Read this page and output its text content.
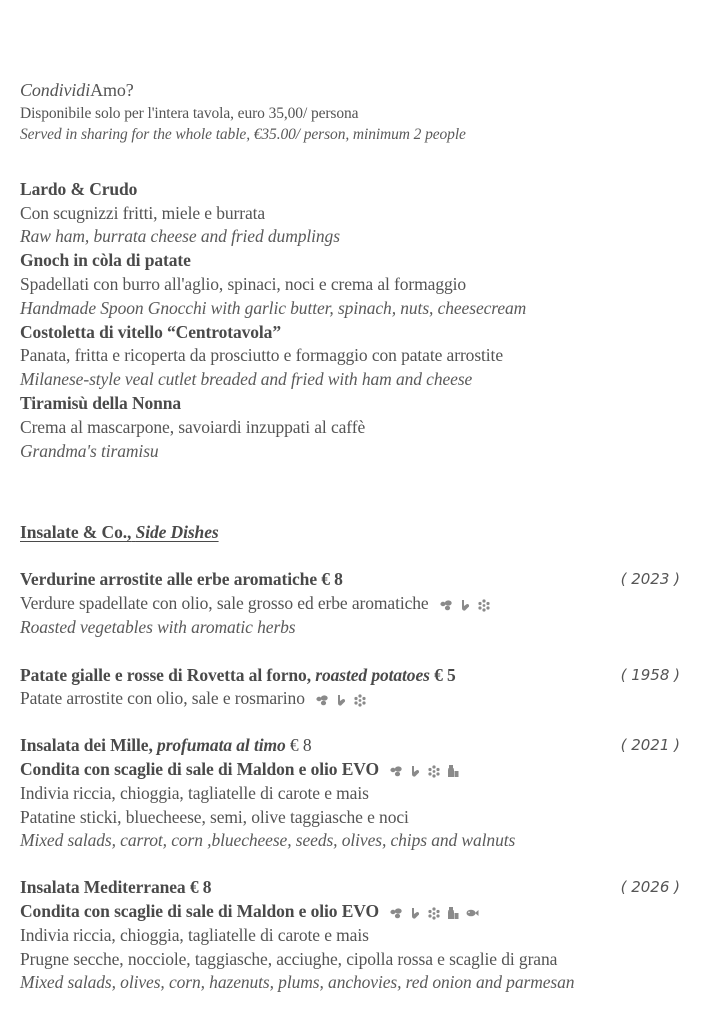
CondividiAmo?
Disponibile solo per l'intera tavola, euro 35,00/ persona
Served in sharing for the whole table, €35.00/ person, minimum 2 people
Lardo & Crudo
Con scugnizzi fritti, miele e burrata
Raw ham, burrata cheese and fried dumplings
Gnoch in còla di patate
Spadellati con burro all'aglio, spinaci, noci e crema al formaggio
Handmade Spoon Gnocchi with garlic butter, spinach, nuts, cheesecream
Costoletta di vitello “Centrotavola”
Panata, fritta e ricoperta da prosciutto e formaggio con patate arrostite
Milanese-style veal cutlet breaded and fried with ham and cheese
Tiramisù della Nonna
Crema al mascarpone, savoiardi inzuppati al caffè
Grandma's tiramisu
Insalate & Co., Side Dishes
( 2023 )
Verdurine arrostite alle erbe aromatiche € 8
Verdure spadellate con olio, sale grosso ed erbe aromatiche
Roasted vegetables with aromatic herbs
( 1958 )
Patate gialle e rosse di Rovetta al forno, roasted potatoes € 5
Patate arrostite con olio, sale e rosmarino
( 2021 )
Insalata dei Mille, profumata al timo € 8
Condita con scaglie di sale di Maldon e olio EVO
Indivia riccia, chioggia, tagliatelle di carote e mais
Patatine sticki, bluecheese, semi, olive taggiasche e noci
Mixed salads, carrot, corn ,bluecheese, seeds, olives, chips and walnuts
( 2026 )
Insalata Mediterranea € 8
Condita con scaglie di sale di Maldon e olio EVO
Indivia riccia, chioggia, tagliatelle di carote e mais
Prugne secche, nocciole, taggiasche, acciughe, cipolla rossa e scaglie di grana
Mixed salads, olives, corn, hazenuts, plums, anchovies, red onion and parmesan
